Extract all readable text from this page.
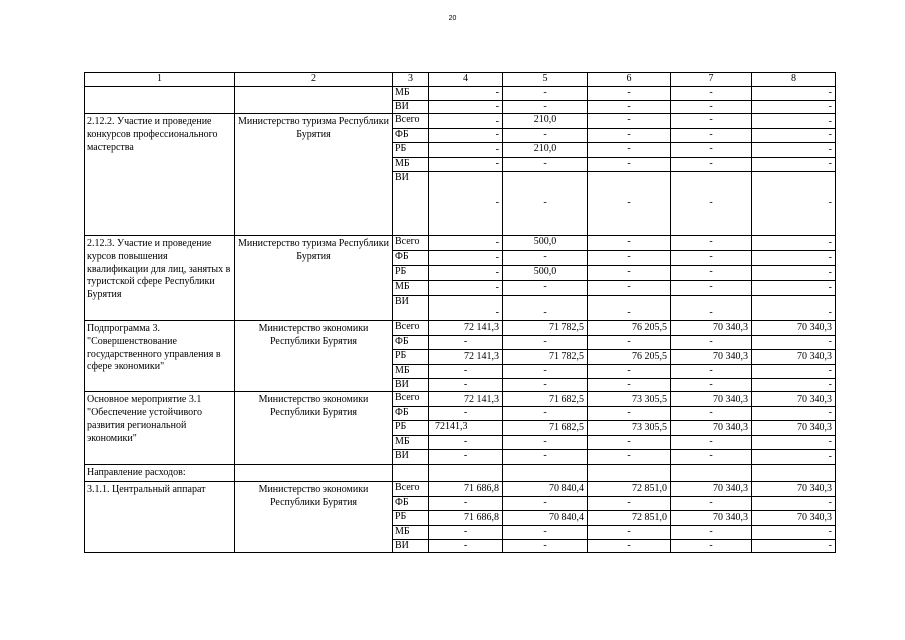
20
1	2	3	4	5	6	7	8
		МБ	-	-	-	-	-
		ВИ	-	-	-	-	-
2.12.2. Участие и проведение конкурсов профессионального мастерства	Министерство туризма Республики Бурятия	Всего	-	210,0	-	-	-
		ФБ	-	-	-	-	-
		РБ	-	210,0	-	-	-
		МБ	-	-	-	-	-
		ВИ	-	-	-	-	-
2.12.3. Участие и проведение курсов повышения квалификации для лиц, занятых в туристской сфере Республики Бурятия	Министерство туризма Республики Бурятия	Всего	-	500,0	-	-	-
		ФБ	-	-	-	-	-
		РБ	-	500,0	-	-	-
		МБ	-	-	-	-	-
		ВИ	-	-	-	-	-
Подпрограмма 3. "Совершенствование государственного управления в сфере экономики"	Министерство экономики Республики Бурятия	Всего	72 141,3	71 782,5	76 205,5	70 340,3	70 340,3
		ФБ	-	-	-	-	-
		РБ	72 141,3	71 782,5	76 205,5	70 340,3	70 340,3
		МБ	-	-	-	-	-
		ВИ	-	-	-	-	-
Основное мероприятие 3.1 "Обеспечение устойчивого развития региональной экономики"	Министерство экономики Республики Бурятия	Всего	72 141,3	71 682,5	73 305,5	70 340,3	70 340,3
		ФБ	-	-	-	-	-
		РБ	72141,3	71 682,5	73 305,5	70 340,3	70 340,3
		МБ	-	-	-	-	-
		ВИ	-	-	-	-	-
Направление расходов:							
3.1.1. Центральный аппарат	Министерство экономики Республики Бурятия	Всего	71 686,8	70 840,4	72 851,0	70 340,3	70 340,3
		ФБ	-	-	-	-	-
		РБ	71 686,8	70 840,4	72 851,0	70 340,3	70 340,3
		МБ	-	-	-	-	-
		ВИ	-	-	-	-	-
